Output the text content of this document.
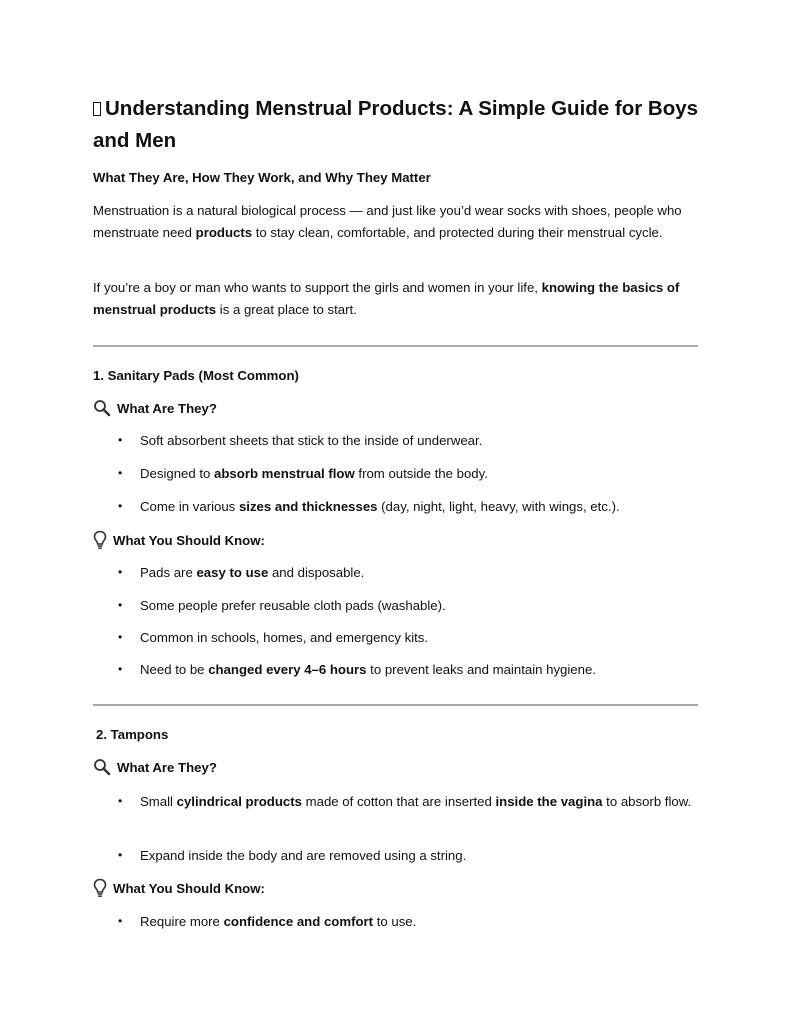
Understanding Menstrual Products: A Simple Guide for Boys and Men

What They Are, How They Work, and Why They Matter

Menstruation is a natural biological process — and just like you’d wear socks with shoes, people who menstruate need products to stay clean, comfortable, and protected during their menstrual cycle.

If you’re a boy or man who wants to support the girls and women in your life, knowing the basics of menstrual products is a great place to start.

1. Sanitary Pads (Most Common)

What Are They?
• Soft absorbent sheets that stick to the inside of underwear.
• Designed to absorb menstrual flow from outside the body.
• Come in various sizes and thicknesses (day, night, light, heavy, with wings, etc.).
What You Should Know:
• Pads are easy to use and disposable.
• Some people prefer reusable cloth pads (washable).
• Common in schools, homes, and emergency kits.
• Need to be changed every 4–6 hours to prevent leaks and maintain hygiene.

2. Tampons

What Are They?
• Small cylindrical products made of cotton that are inserted inside the vagina to absorb flow.
• Expand inside the body and are removed using a string.
What You Should Know:
• Require more confidence and comfort to use.
